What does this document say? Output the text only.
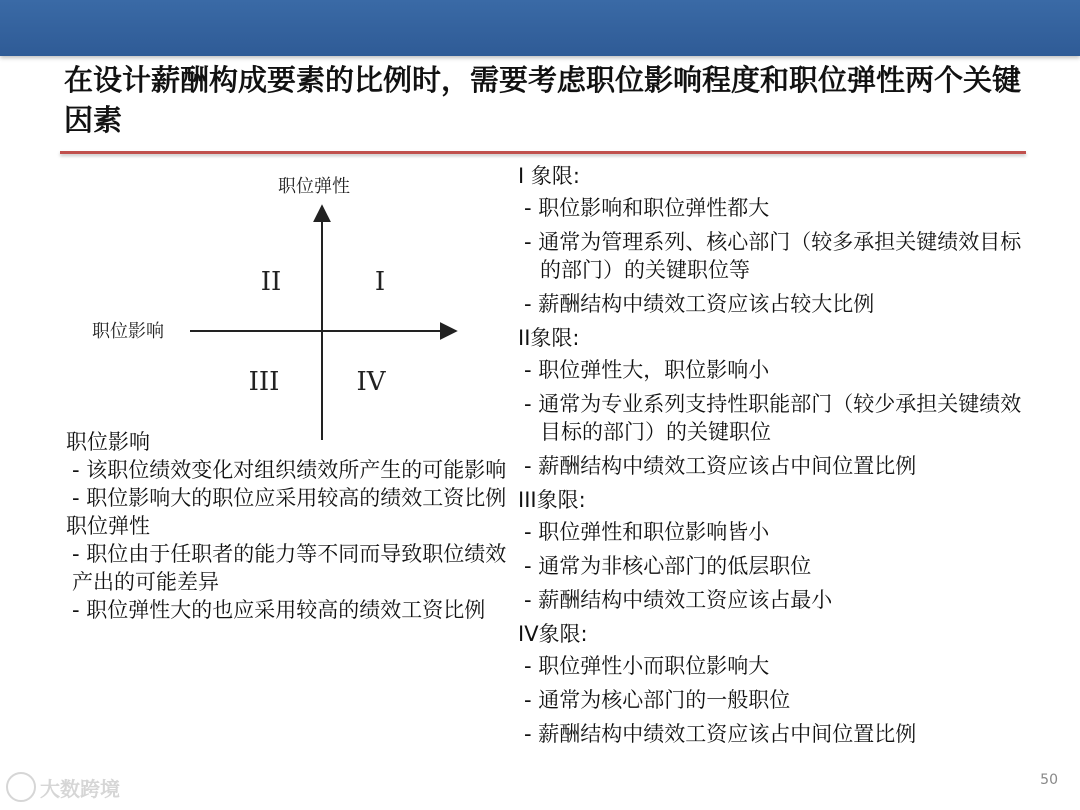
在设计薪酬构成要素的比例时，需要考虑职位影响程度和职位弹性两个关键因素
职位弹性
职位影响
II	I
III	IV
职位影响
- 该职位绩效变化对组织绩效所产生的可能影响
- 职位影响大的职位应采用较高的绩效工资比例
职位弹性
- 职位由于任职者的能力等不同而导致职位绩效产出的可能差异
- 职位弹性大的也应采用较高的绩效工资比例
I 象限:
- 职位影响和职位弹性都大
- 通常为管理系列、核心部门（较多承担关键绩效目标的部门）的关键职位等
- 薪酬结构中绩效工资应该占较大比例
II象限:
- 职位弹性大，职位影响小
- 通常为专业系列支持性职能部门（较少承担关键绩效目标的部门）的关键职位
- 薪酬结构中绩效工资应该占中间位置比例
III象限:
- 职位弹性和职位影响皆小
- 通常为非核心部门的低层职位
- 薪酬结构中绩效工资应该占最小
IV象限:
- 职位弹性小而职位影响大
- 通常为核心部门的一般职位
- 薪酬结构中绩效工资应该占中间位置比例
大数跨境	50
